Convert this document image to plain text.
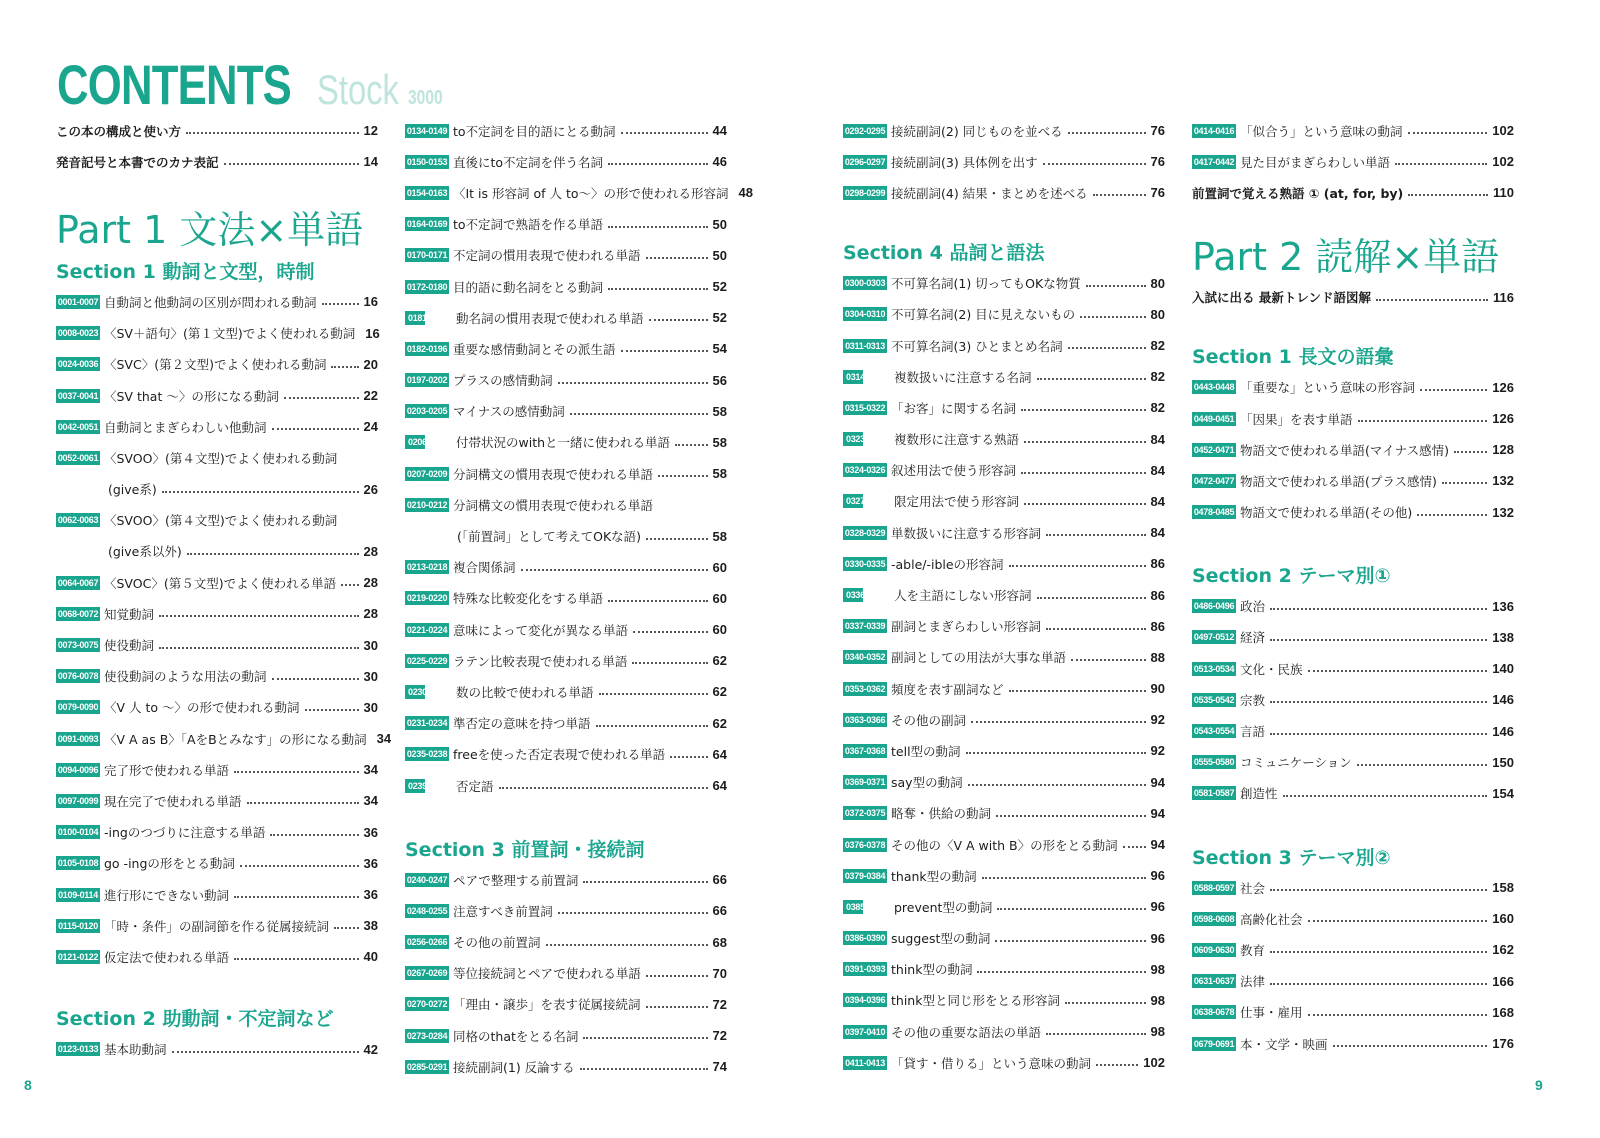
CONTENTS Stock 3000
この本の構成と使い方	12
発音記号と本書でのカナ表記	14
Part 1 文法×単語
Section 1 動詞と文型，時制
0001-0007 自動詞と他動詞の区別が問われる動詞	16
0008-0023 〈SV＋語句〉(第１文型)でよく使われる動詞 16
0024-0036 〈SVC〉(第２文型)でよく使われる動詞	20
0037-0041 〈SV that 〜〉の形になる動詞	22
0042-0051 自動詞とまぎらわしい他動詞	24
0052-0061 〈SVOO〉(第４文型)でよく使われる動詞
(give系)	26
0062-0063 〈SVOO〉(第４文型)でよく使われる動詞
(give系以外)	28
0064-0067 〈SVOC〉(第５文型)でよく使われる単語 28
0068-0072 知覚動詞	28
0073-0075 使役動詞	30
0076-0078 使役動詞のような用法の動詞	30
0079-0090 〈V 人 to 〜〉の形で使われる動詞	30
0091-0093 〈V A as B〉「AをBとみなす」の形になる動詞 34
0094-0096 完了形で使われる単語	34
0097-0099 現在完了で使われる単語	34
0100-0104 -ingのつづりに注意する単語	36
0105-0108 go -ingの形をとる動詞	36
0109-0114 進行形にできない動詞	36
0115-0120 「時・条件」の副詞節を作る従属接続詞	38
0121-0122 仮定法で使われる単語	40
Section 2 助動詞・不定詞など
0123-0133 基本助動詞	42
0134-0149 to不定詞を目的語にとる動詞	44
0150-0153 直後にto不定詞を伴う名詞	46
0154-0163 〈It is 形容詞 of 人 to〜〉の形で使われる形容詞 48
0164-0169 to不定詞で熟語を作る単語	50
0170-0171 不定詞の慣用表現で使われる単語	50
0172-0180 目的語に動名詞をとる動詞	52
0181 動名詞の慣用表現で使われる単語	52
0182-0196 重要な感情動詞とその派生語	54
0197-0202 プラスの感情動詞	56
0203-0205 マイナスの感情動詞	58
0206 付帯状況のwithと一緒に使われる単語	58
0207-0209 分詞構文の慣用表現で使われる単語	58
0210-0212 分詞構文の慣用表現で使われる単語
(「前置詞」として考えてOKな語)	58
0213-0218 複合関係詞	60
0219-0220 特殊な比較変化をする単語	60
0221-0224 意味によって変化が異なる単語	60
0225-0229 ラテン比較表現で使われる単語	62
0230 数の比較で使われる単語	62
0231-0234 準否定の意味を持つ単語	62
0235-0238 freeを使った否定表現で使われる単語	64
0239 否定語	64
Section 3 前置詞・接続詞
0240-0247 ペアで整理する前置詞	66
0248-0255 注意すべき前置詞	66
0256-0266 その他の前置詞	68
0267-0269 等位接続詞とペアで使われる単語	70
0270-0272 「理由・譲歩」を表す従属接続詞	72
0273-0284 同格のthatをとる名詞	72
0285-0291 接続副詞(1) 反論する	74
0292-0295 接続副詞(2) 同じものを並べる	76
0296-0297 接続副詞(3) 具体例を出す	76
0298-0299 接続副詞(4) 結果・まとめを述べる	76
Section 4 品詞と語法
0300-0303 不可算名詞(1) 切ってもOKな物質	80
0304-0310 不可算名詞(2) 目に見えないもの	80
0311-0313 不可算名詞(3) ひとまとめ名詞	82
0314 複数扱いに注意する名詞	82
0315-0322 「お客」に関する名詞	82
0323 複数形に注意する熟語	84
0324-0326 叙述用法で使う形容詞	84
0327 限定用法で使う形容詞	84
0328-0329 単数扱いに注意する形容詞	84
0330-0335 -able/-ibleの形容詞	86
0336 人を主語にしない形容詞	86
0337-0339 副詞とまぎらわしい形容詞	86
0340-0352 副詞としての用法が大事な単語	88
0353-0362 頻度を表す副詞など	90
0363-0366 その他の副詞	92
0367-0368 tell型の動詞	92
0369-0371 say型の動詞	94
0372-0375 略奪・供給の動詞	94
0376-0378 その他の〈V A with B〉の形をとる動詞	94
0379-0384 thank型の動詞	96
0385 prevent型の動詞	96
0386-0390 suggest型の動詞	96
0391-0393 think型の動詞	98
0394-0396 think型と同じ形をとる形容詞	98
0397-0410 その他の重要な語法の単語	98
0411-0413 「貸す・借りる」という意味の動詞	102
0414-0416 「似合う」という意味の動詞	102
0417-0442 見た目がまぎらわしい単語	102
前置詞で覚える熟語 ① (at, for, by)	110
Part 2 読解×単語
入試に出る 最新トレンド語図解	116
Section 1 長文の語彙
0443-0448 「重要な」という意味の形容詞	126
0449-0451 「因果」を表す単語	126
0452-0471 物語文で使われる単語(マイナス感情)	128
0472-0477 物語文で使われる単語(プラス感情)	132
0478-0485 物語文で使われる単語(その他)	132
Section 2 テーマ別①
0486-0496 政治	136
0497-0512 経済	138
0513-0534 文化・民族	140
0535-0542 宗教	146
0543-0554 言語	146
0555-0580 コミュニケーション	150
0581-0587 創造性	154
Section 3 テーマ別②
0588-0597 社会	158
0598-0608 高齢化社会	160
0609-0630 教育	162
0631-0637 法律	166
0638-0678 仕事・雇用	168
0679-0691 本・文学・映画	176
8	9
